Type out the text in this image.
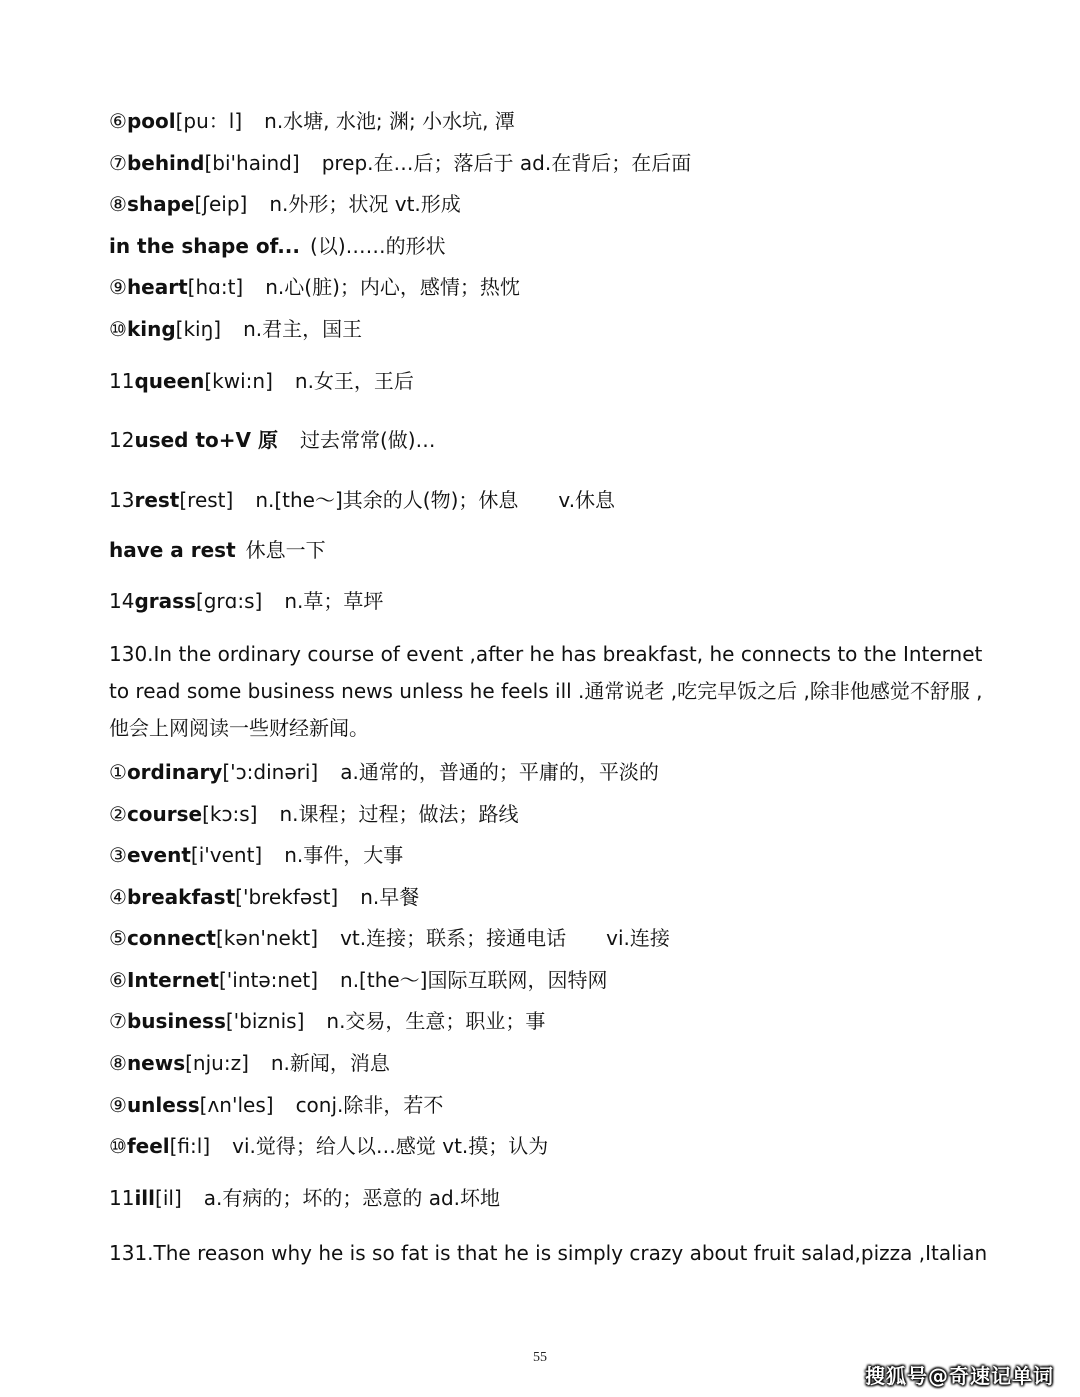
⑥pool[pu：l] n.水塘, 水池; 渊; 小水坑, 潭
⑦behind[bi'haind] prep.在…后；落后于 ad.在背后；在后面
⑧shape[ʃeip] n.外形；状况 vt.形成
in the shape of... (以)……的形状
⑨heart[hɑ:t] n.心(脏)；内心，感情；热忱
⑩king[kiŋ] n.君主，国王
11queen[kwi:n] n.女王，王后
12used to+V 原 过去常常(做)…
13rest[rest] n.[the～]其余的人(物)；休息 v.休息
have a rest 休息一下
14grass[grɑ:s] n.草；草坪
130.In the ordinary course of event ,after he has breakfast, he connects to the Internet to read some business news unless he feels ill .通常说老 ,吃完早饭之后 ,除非他感觉不舒服 ,他会上网阅读一些财经新闻。
①ordinary['ɔ:dinəri] a.通常的，普通的；平庸的，平淡的
②course[kɔ:s] n.课程；过程；做法；路线
③event[i'vent] n.事件，大事
④breakfast['brekfəst] n.早餐
⑤connect[kən'nekt] vt.连接；联系；接通电话 vi.连接
⑥Internet['intə:net] n.[the～]国际互联网，因特网
⑦business['biznis] n.交易，生意；职业；事
⑧news[nju:z] n.新闻，消息
⑨unless[ʌn'les] conj.除非，若不
⑩feel[fi:l] vi.觉得；给人以…感觉 vt.摸；认为
11ill[il] a.有病的；坏的；恶意的 ad.坏地
131.The reason why he is so fat is that he is simply crazy about fruit salad,pizza ,Italian
55
搜狐号@奇速记单词
